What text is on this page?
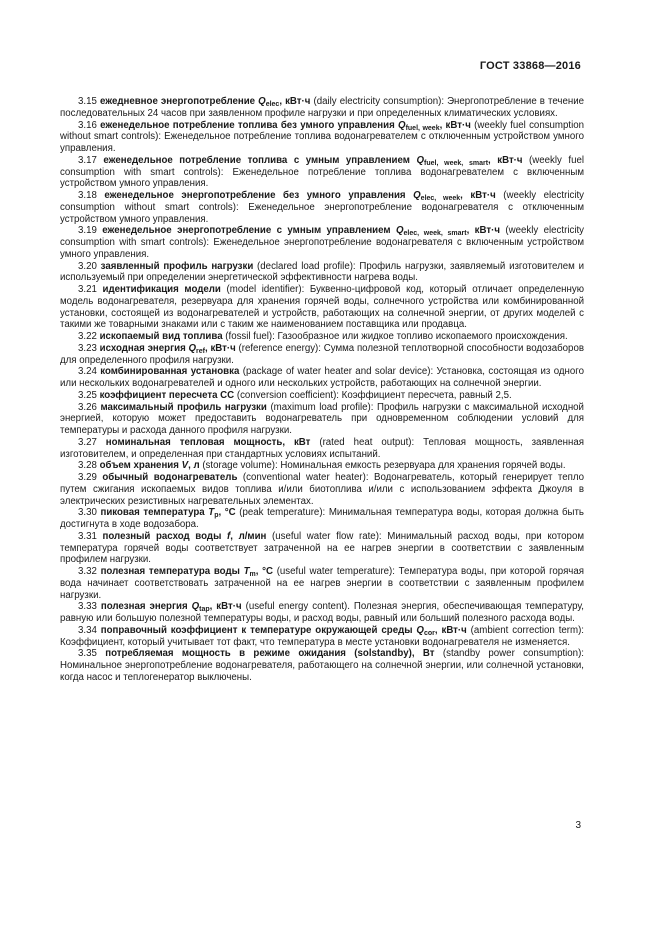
ГОСТ 33868—2016

3.15 ежедневное энергопотребление $Q_{elec}$, кВт·ч (daily electricity consumption): Энергопотребление в течение последовательных 24 часов при заявленном профиле нагрузки и при определенных климатических условиях.

3.16 еженедельное потребление топлива без умного управления $Q_{fuel, week}$, кВт·ч (weekly fuel consumption without smart controls): Еженедельное потребление топлива водонагревателем с отключенным устройством умного управления.

3.17 еженедельное потребление топлива с умным управлением $Q_{fuel, week, smart}$, кВт·ч (weekly fuel consumption with smart controls): Еженедельное потребление топлива водонагревателем с включенным устройством умного управления.

3.18 еженедельное энергопотребление без умного управления $Q_{elec, week}$, кВт·ч (weekly electricity consumption without smart controls): Еженедельное энергопотребление водонагревателя с отключенным устройством умного управления.

3.19 еженедельное энергопотребление с умным управлением $Q_{elec, week, smart}$, кВт·ч (weekly electricity consumption with smart controls): Еженедельное энергопотребление водонагревателя с включенным устройством умного управления.

3.20 заявленный профиль нагрузки (declared load profile): Профиль нагрузки, заявляемый изготовителем и используемый при определении энергетической эффективности нагрева воды.

3.21 идентификация модели (model identifier): Буквенно-цифровой код, который отличает определенную модель водонагревателя, резервуара для хранения горячей воды, солнечного устройства или комбинированной установки, состоящей из водонагревателей и устройств, работающих на солнечной энергии, от других моделей с такими же товарными знаками или с таким же наименованием поставщика или продавца.

3.22 ископаемый вид топлива (fossil fuel): Газообразное или жидкое топливо ископаемого происхождения.

3.23 исходная энергия $Q_{ref}$, кВт·ч (reference energy): Сумма полезной теплотворной способности водозаборов для определенного профиля нагрузки.

3.24 комбинированная установка (package of water heater and solar device): Установка, состоящая из одного или нескольких водонагревателей и одного или нескольких устройств, работающих на солнечной энергии.

3.25 коэффициент пересчета СС (conversion coefficient): Коэффициент пересчета, равный 2,5.

3.26 максимальный профиль нагрузки (maximum load profile): Профиль нагрузки с максимальной исходной энергией, которую может предоставить водонагреватель при одновременном соблюдении условий для температуры и расхода данного профиля нагрузки.

3.27 номинальная тепловая мощность, кВт (rated heat output): Тепловая мощность, заявленная изготовителем, и определенная при стандартных условиях испытаний.

3.28 объем хранения V, л (storage volume): Номинальная емкость резервуара для хранения горячей воды.

3.29 обычный водонагреватель (conventional water heater): Водонагреватель, который генерирует тепло путем сжигания ископаемых видов топлива и/или биотоплива и/или с использованием эффекта Джоуля в электрических резистивных нагревательных элементах.

3.30 пиковая температура $T_p$, °C (peak temperature): Минимальная температура воды, которая должна быть достигнута в ходе водозабора.

3.31 полезный расход воды f, л/мин (useful water flow rate): Минимальный расход воды, при котором температура горячей воды соответствует затраченной на ее нагрев энергии в соответствии с заявленным профилем нагрузки.

3.32 полезная температура воды $T_m$, °C (useful water temperature): Температура воды, при которой горячая вода начинает соответствовать затраченной на ее нагрев энергии в соответствии с заявленным профилем нагрузки.

3.33 полезная энергия $Q_{tap}$, кВт·ч (useful energy content). Полезная энергия, обеспечивающая температуру, равную или большую полезной температуры воды, и расход воды, равный или больший полезного расхода воды.

3.34 поправочный коэффициент к температуре окружающей среды $Q_{cor}$, кВт·ч (ambient correction term): Коэффициент, который учитывает тот факт, что температура в месте установки водонагревателя не изменяется.

3.35 потребляемая мощность в режиме ожидания (solstandby), Вт (standby power consumption): Номинальное энергопотребление водонагревателя, работающего на солнечной энергии, или солнечной установки, когда насос и теплогенератор выключены.

3
